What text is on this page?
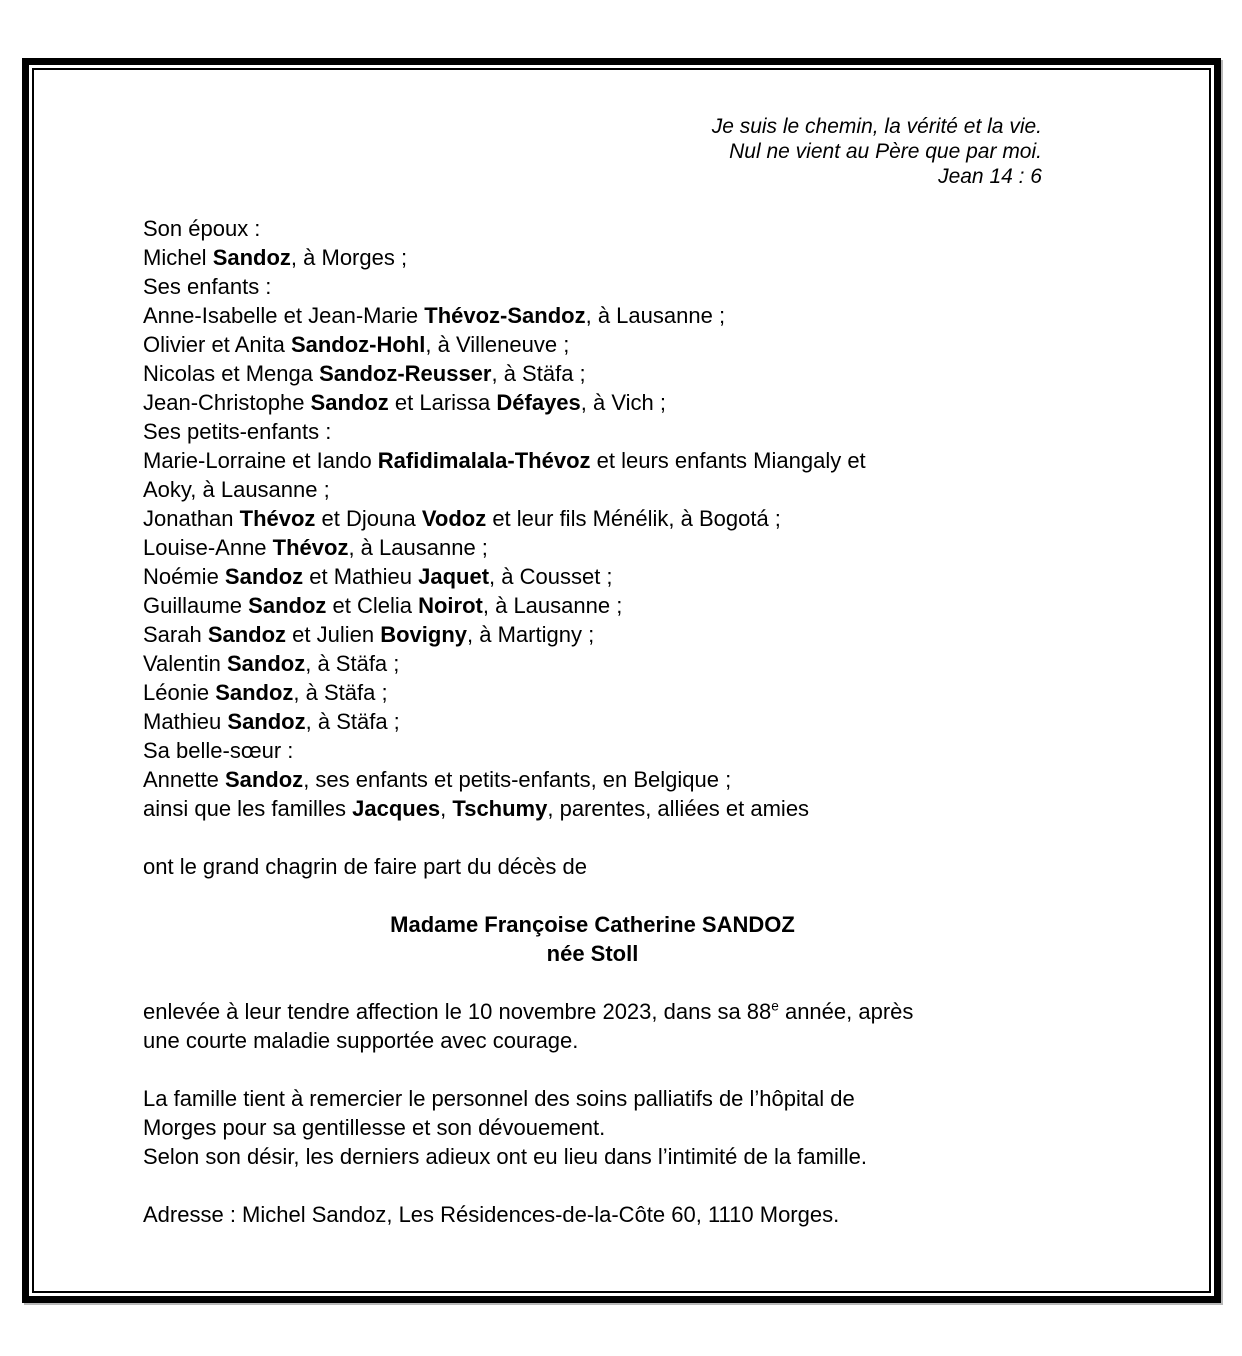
Je suis le chemin, la vérité et la vie.
Nul ne vient au Père que par moi.
Jean 14 : 6
Son époux :
Michel Sandoz, à Morges ;
Ses enfants :
Anne-Isabelle et Jean-Marie Thévoz-Sandoz, à Lausanne ;
Olivier et Anita Sandoz-Hohl, à Villeneuve ;
Nicolas et Menga Sandoz-Reusser, à Stäfa ;
Jean-Christophe Sandoz et Larissa Défayes, à Vich ;
Ses petits-enfants :
Marie-Lorraine et Iando Rafidimalala-Thévoz et leurs enfants Miangaly et
Aoky, à Lausanne ;
Jonathan Thévoz et Djouna Vodoz et leur fils Ménélik, à Bogotá ;
Louise-Anne Thévoz, à Lausanne ;
Noémie Sandoz et Mathieu Jaquet, à Cousset ;
Guillaume Sandoz et Clelia Noirot, à Lausanne ;
Sarah Sandoz et Julien Bovigny, à Martigny ;
Valentin Sandoz, à Stäfa ;
Léonie Sandoz, à Stäfa ;
Mathieu Sandoz, à Stäfa ;
Sa belle-sœur :
Annette Sandoz, ses enfants et petits-enfants, en Belgique ;
ainsi que les familles Jacques, Tschumy, parentes, alliées et amies
ont le grand chagrin de faire part du décès de
Madame Françoise Catherine SANDOZ
née Stoll
enlevée à leur tendre affection le 10 novembre 2023, dans sa 88e année, après
une courte maladie supportée avec courage.
La famille tient à remercier le personnel des soins palliatifs de l’hôpital de
Morges pour sa gentillesse et son dévouement.
Selon son désir, les derniers adieux ont eu lieu dans l’intimité de la famille.
Adresse : Michel Sandoz, Les Résidences-de-la-Côte 60, 1110 Morges.
